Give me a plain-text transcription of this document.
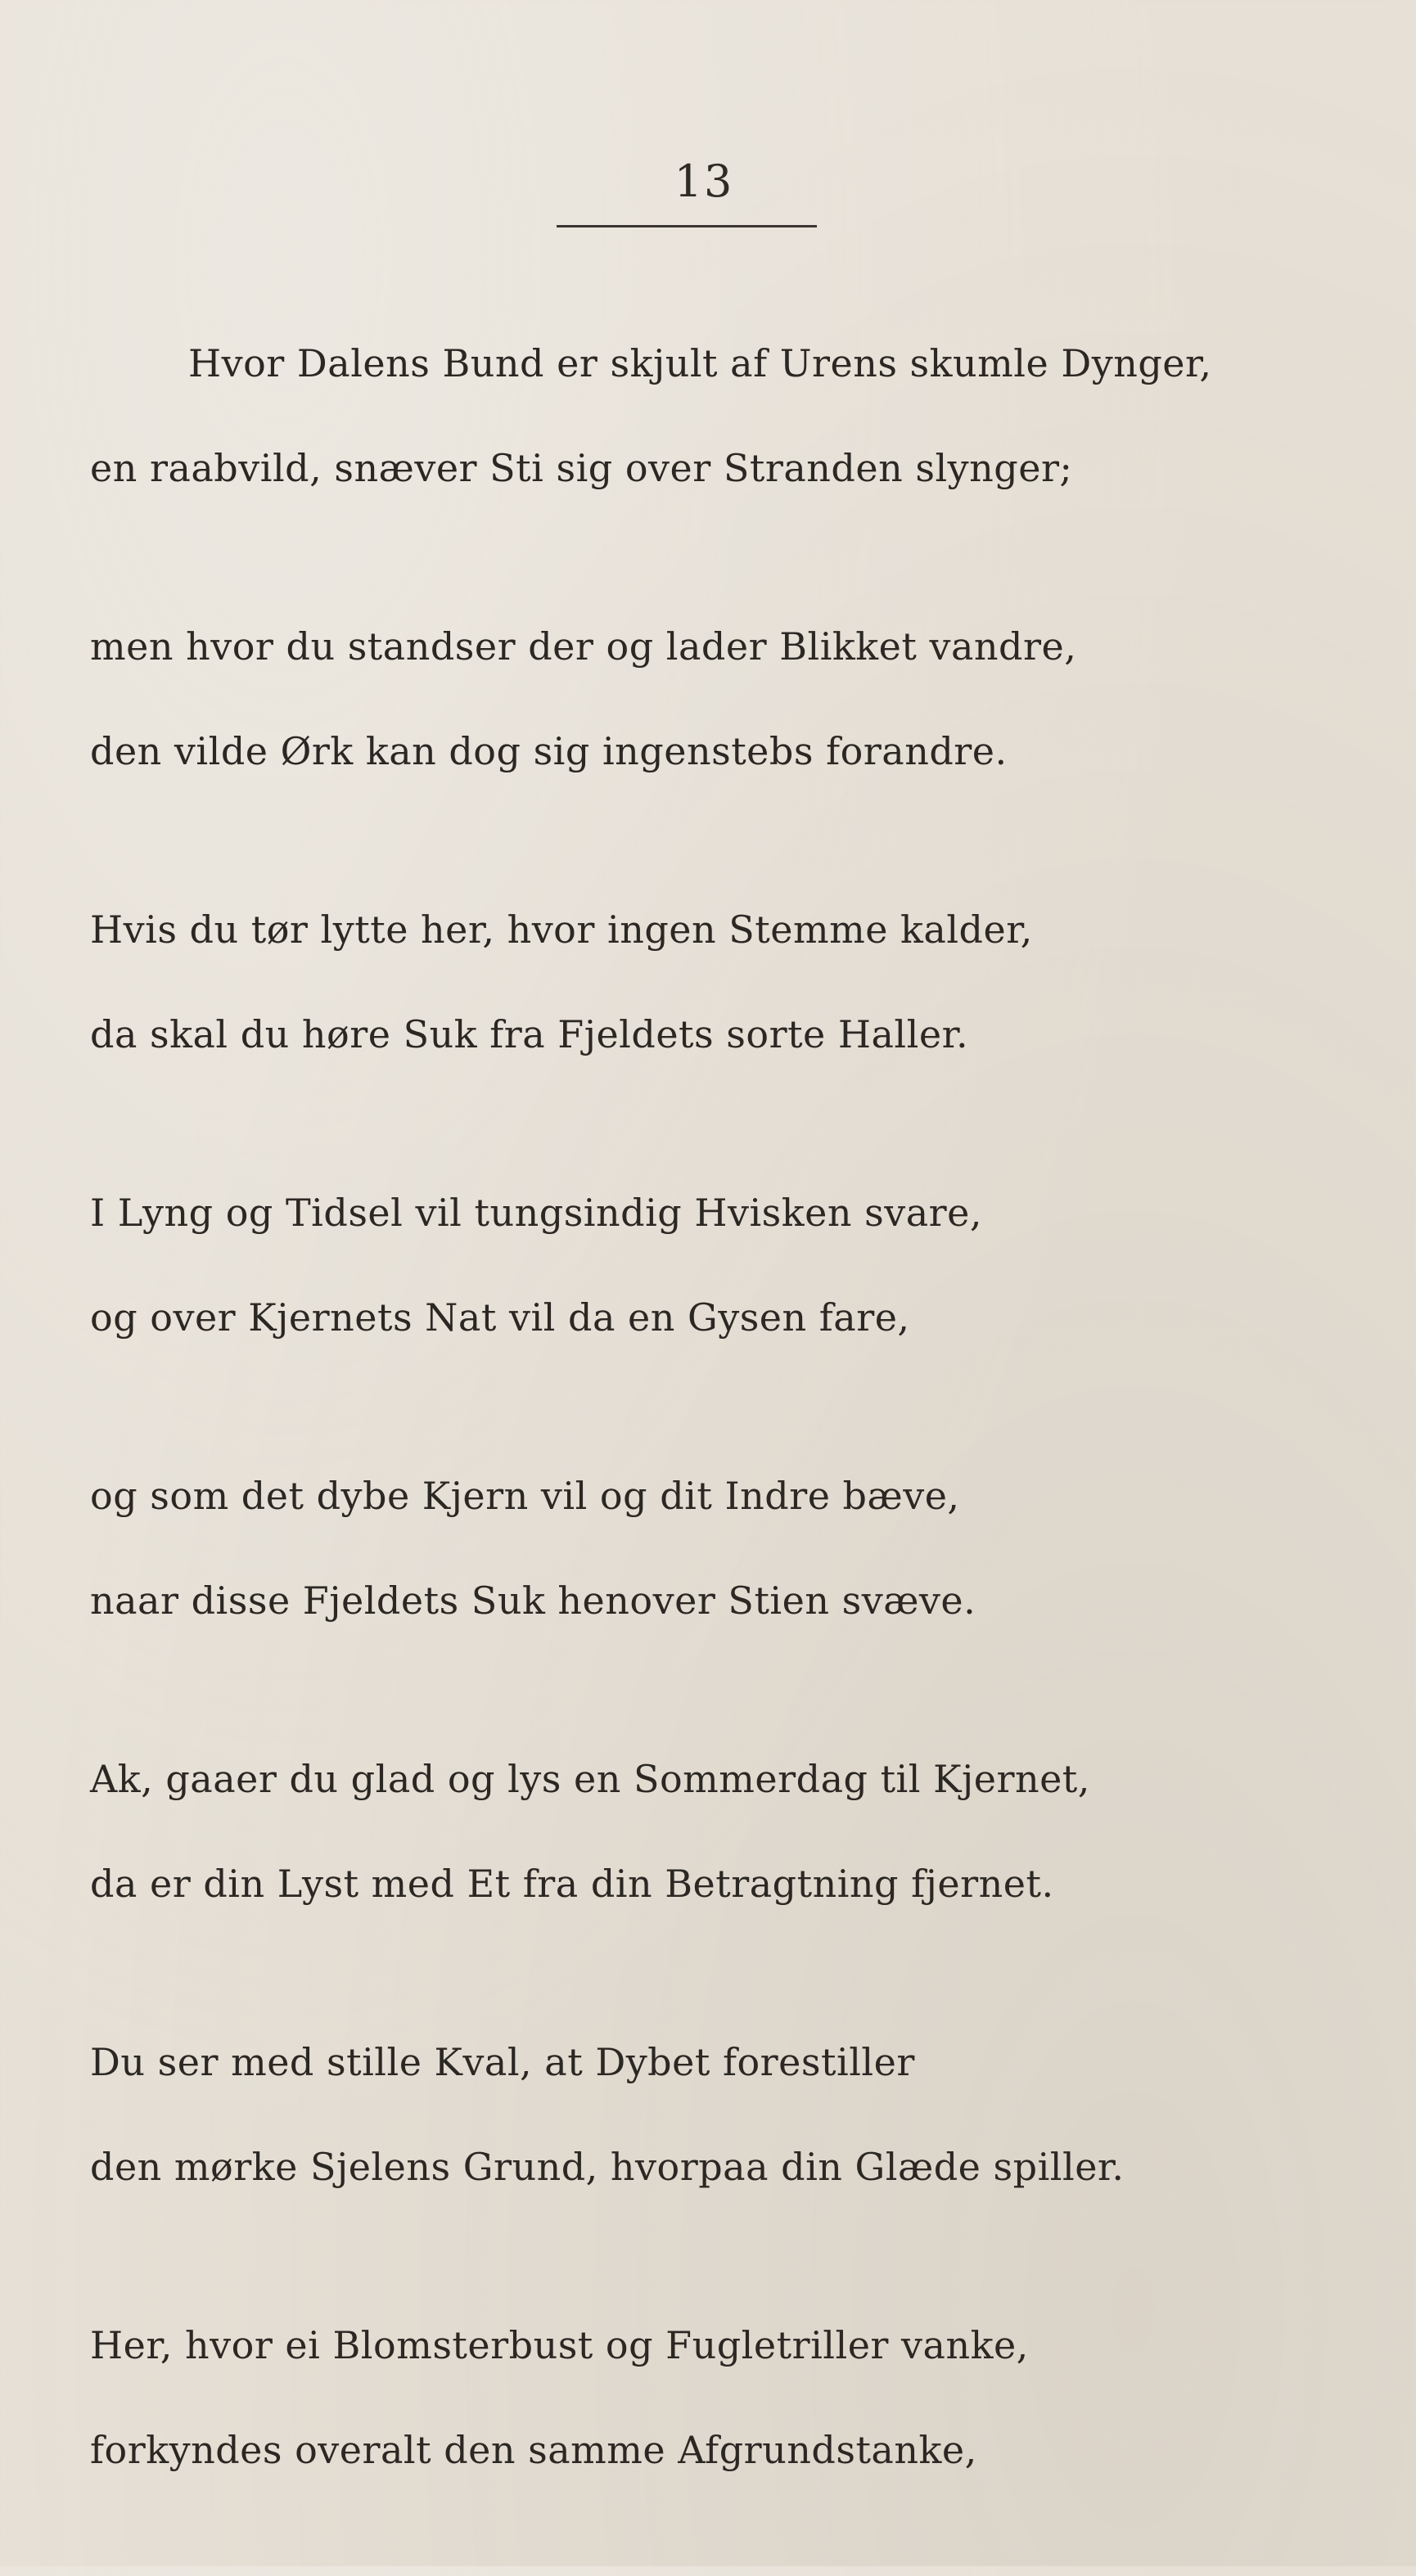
13
Hvor Dalens Bund er skjult af Urens skumle Dynger,
en raabvild, snæver Sti sig over Stranden slynger;
men hvor du standser der og lader Blikket vandre,
den vilde Ørk kan dog sig ingenstebs forandre.
Hvis du tør lytte her, hvor ingen Stemme kalder,
da skal du høre Suk fra Fjeldets sorte Haller.
I Lyng og Tidsel vil tungsindig Hvisken svare,
og over Kjernets Nat vil da en Gysen fare,
og som det dybe Kjern vil og dit Indre bæve,
naar disse Fjeldets Suk henover Stien svæve.
Ak, gaaer du glad og lys en Sommerdag til Kjernet,
da er din Lyst med Et fra din Betragtning fjernet.
Du ser med stille Kval, at Dybet forestiller
den mørke Sjelens Grund, hvorpaa din Glæde spiller.
Her, hvor ei Blomsterbust og Fugletriller vanke,
forkyndes overalt den samme Afgrundstanke,
